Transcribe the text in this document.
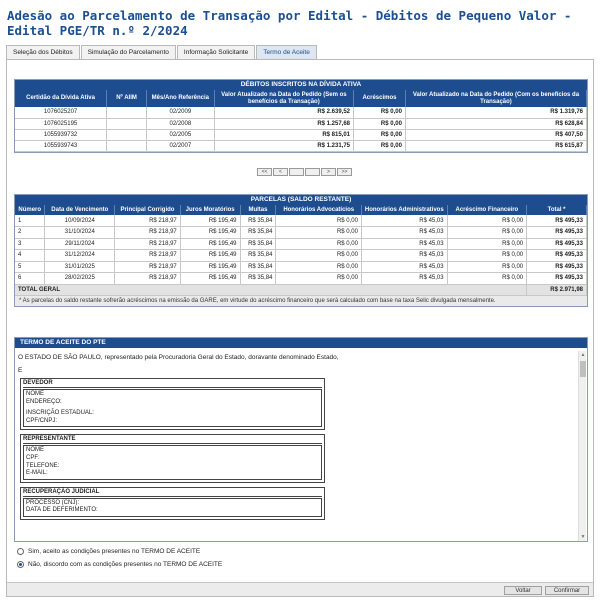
Adesão ao Parcelamento de Transação por Edital - Débitos de Pequeno Valor - Edital PGE/TR n.º 2/2024
Seleção dos Débitos	Simulação do Parcelamento	Informação Solicitante	Termo de Aceite
DÉBITOS INSCRITOS NA DÍVIDA ATIVA
Certidão da Dívida Ativa	Nº AIIM	Mês/Ano Referência	Valor Atualizado na Data do Pedido (Sem os benefícios da Transação)	Acréscimos	Valor Atualizado na Data do Pedido (Com os benefícios da Transação)
1076025207		02/2009	R$ 2.639,52	R$ 0,00	R$ 1.319,76
1076025195		02/2008	R$ 1.257,68	R$ 0,00	R$ 628,84
1055939732		02/2005	R$ 815,01	R$ 0,00	R$ 407,50
1055939743		02/2007	R$ 1.231,75	R$ 0,00	R$ 615,87
<<	<	>	>>
PARCELAS (SALDO RESTANTE)
Número	Data de Vencimento	Principal Corrigido	Juros Moratórios	Multas	Honorários Advocatícios	Honorários Administrativos	Acréscimo Financeiro	Total *
1	10/09/2024	R$ 218,97	R$ 195,49	R$ 35,84	R$ 0,00	R$ 45,03	R$ 0,00	R$ 495,33
2	31/10/2024	R$ 218,97	R$ 195,49	R$ 35,84	R$ 0,00	R$ 45,03	R$ 0,00	R$ 495,33
3	29/11/2024	R$ 218,97	R$ 195,49	R$ 35,84	R$ 0,00	R$ 45,03	R$ 0,00	R$ 495,33
4	31/12/2024	R$ 218,97	R$ 195,49	R$ 35,84	R$ 0,00	R$ 45,03	R$ 0,00	R$ 495,33
5	31/01/2025	R$ 218,97	R$ 195,49	R$ 35,84	R$ 0,00	R$ 45,03	R$ 0,00	R$ 495,33
6	28/02/2025	R$ 218,97	R$ 195,49	R$ 35,84	R$ 0,00	R$ 45,03	R$ 0,00	R$ 495,33
TOTAL GERAL								R$ 2.971,98
* As parcelas do saldo restante sofrerão acréscimos na emissão da GARE, em virtude do acréscimo financeiro que será calculado com base na taxa Selic divulgada mensalmente.
TERMO DE ACEITE DO PTE
O ESTADO DE SÃO PAULO, representado pela Procuradoria Geral do Estado, doravante denominado Estado,
E
DEVEDOR
NOME
ENDEREÇO:
INSCRIÇÃO ESTADUAL:
CPF/CNPJ:
REPRESENTANTE
NOME
CPF:
TELEFONE:
E-MAIL:
RECUPERAÇÃO JUDICIAL
PROCESSO (CNJ):
DATA DE DEFERIMENTO:
▲
▼
Sim, aceito as condições presentes no TERMO DE ACEITE
Não, discordo com as condições presentes no TERMO DE ACEITE
Voltar	Confirmar
